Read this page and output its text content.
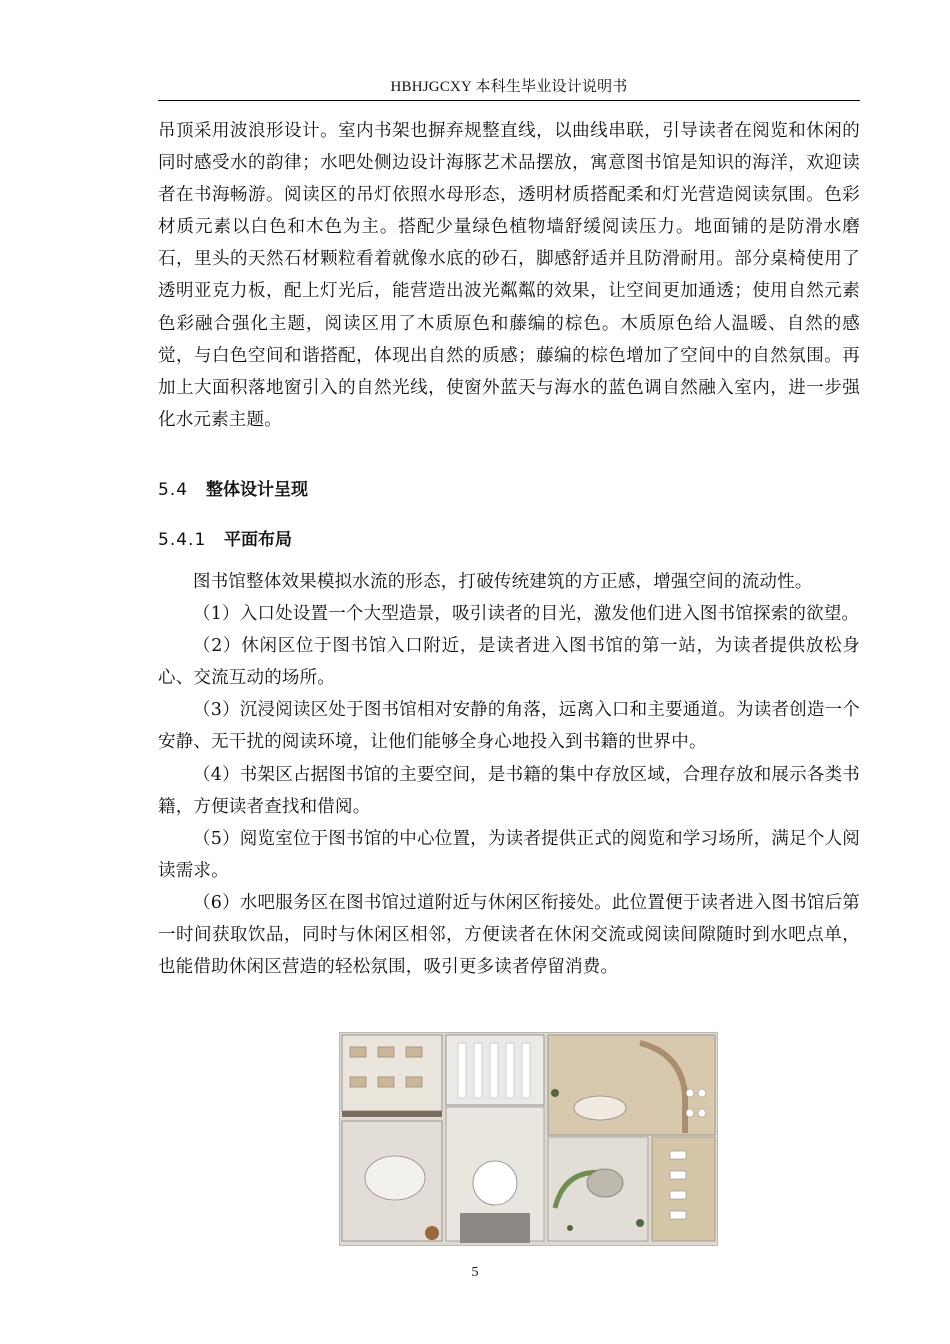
HBHJGCXY 本科生毕业设计说明书

吊顶采用波浪形设计。室内书架也摒弃规整直线，以曲线串联，引导读者在阅览和休闲的同时感受水的韵律；水吧处侧边设计海豚艺术品摆放，寓意图书馆是知识的海洋，欢迎读者在书海畅游。阅读区的吊灯依照水母形态，透明材质搭配柔和灯光营造阅读氛围。色彩材质元素以白色和木色为主。搭配少量绿色植物墙舒缓阅读压力。地面铺的是防滑水磨石，里头的天然石材颗粒看着就像水底的砂石，脚感舒适并且防滑耐用。部分桌椅使用了透明亚克力板，配上灯光后，能营造出波光粼粼的效果，让空间更加通透；使用自然元素色彩融合强化主题，阅读区用了木质原色和藤编的棕色。木质原色给人温暖、自然的感觉，与白色空间和谐搭配，体现出自然的质感；藤编的棕色增加了空间中的自然氛围。再加上大面积落地窗引入的自然光线，使窗外蓝天与海水的蓝色调自然融入室内，进一步强化水元素主题。

5.4 整体设计呈现
5.4.1 平面布局

图书馆整体效果模拟水流的形态，打破传统建筑的方正感，增强空间的流动性。

（1）入口处设置一个大型造景，吸引读者的目光，激发他们进入图书馆探索的欲望。

（2）休闲区位于图书馆入口附近，是读者进入图书馆的第一站，为读者提供放松身心、交流互动的场所。

（3）沉浸阅读区处于图书馆相对安静的角落，远离入口和主要通道。为读者创造一个安静、无干扰的阅读环境，让他们能够全身心地投入到书籍的世界中。

（4）书架区占据图书馆的主要空间，是书籍的集中存放区域，合理存放和展示各类书籍，方便读者查找和借阅。

（5）阅览室位于图书馆的中心位置，为读者提供正式的阅览和学习场所，满足个人阅读需求。

（6）水吧服务区在图书馆过道附近与休闲区衔接处。此位置便于读者进入图书馆后第一时间获取饮品，同时与休闲区相邻，方便读者在休闲交流或阅读间隙随时到水吧点单，也能借助休闲区营造的轻松氛围，吸引更多读者停留消费。

5
